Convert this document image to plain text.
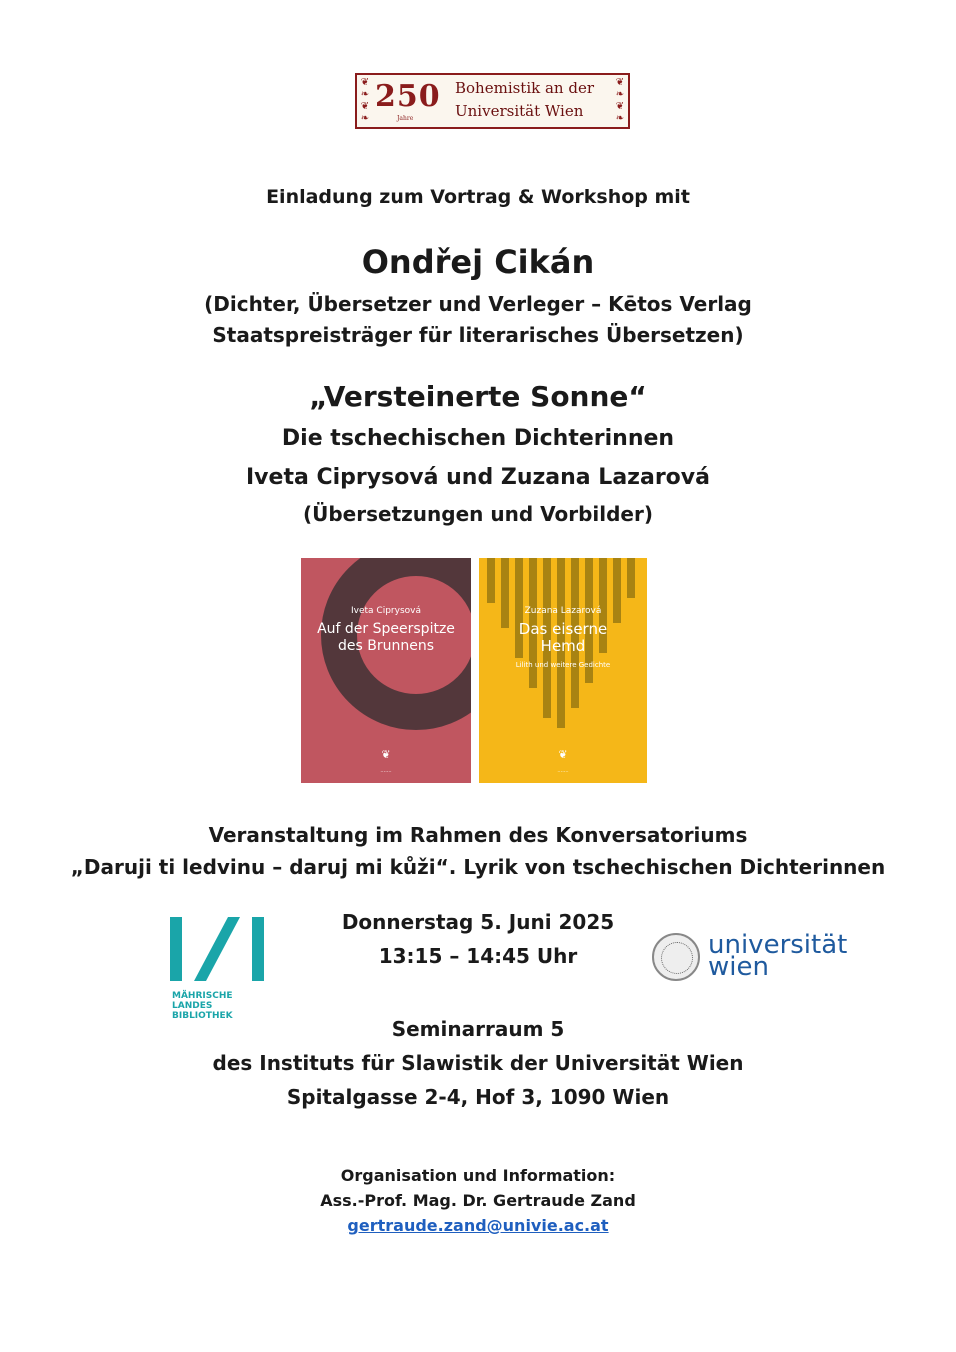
❦
❧
❦
❧
250
Jahre
Bohemistik an der
Universität Wien
❦
❧
❦
❧
Einladung zum Vortrag & Workshop mit
Ondřej Cikán
(Dichter, Übersetzer und Verleger – Kētos Verlag
Staatspreisträger für literarisches Übersetzen)
„Versteinerte Sonne“
Die tschechischen Dichterinnen
Iveta Ciprysová und Zuzana Lazarová
(Übersetzungen und Vorbilder)
Iveta Ciprysová
Auf der Speerspitze
des Brunnens
❦
·······
Zuzana Lazarová
Das eiserne
Hemd
Lilith und weitere Gedichte
❦
·······
Veranstaltung im Rahmen des Konversatoriums
„Daruji ti ledvinu – daruj mi kůži“. Lyrik von tschechischen Dichterinnen
MÄHRISCHE
LANDES
BIBLIOTHEK
Donnerstag 5. Juni 2025
13:15 – 14:45 Uhr	universität
wien
Seminarraum 5
des Instituts für Slawistik der Universität Wien
Spitalgasse 2-4, Hof 3, 1090 Wien
Organisation und Information:
Ass.-Prof. Mag. Dr. Gertraude Zand
gertraude.zand@univie.ac.at
